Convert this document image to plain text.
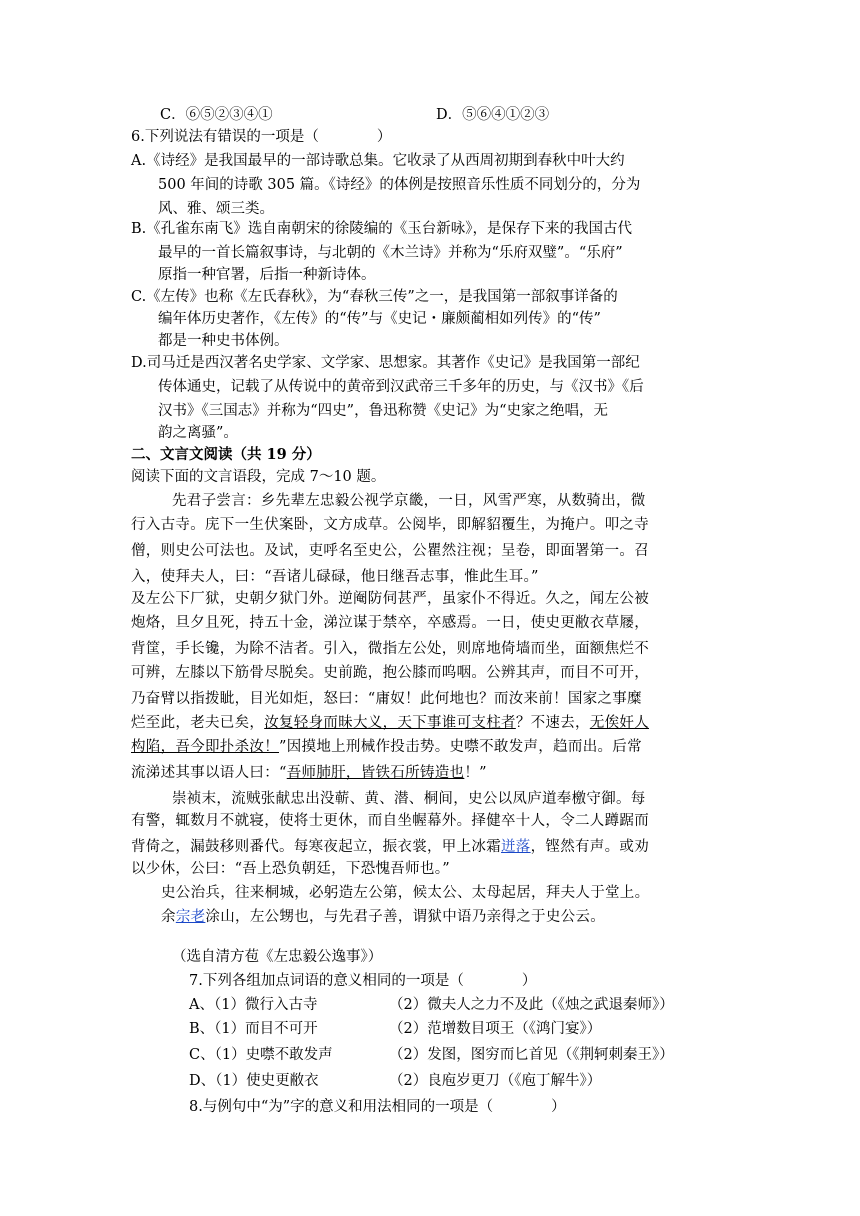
C．⑥⑤②③④①	D．⑤⑥④①②③
6.下列说法有错误的一项是（　　　　）
A.《诗经》是我国最早的一部诗歌总集。它收录了从西周初期到春秋中叶大约
500 年间的诗歌 305 篇。《诗经》的体例是按照音乐性质不同划分的，分为
风、雅、颂三类。
B.《孔雀东南飞》选自南朝宋的徐陵编的《玉台新咏》，是保存下来的我国古代
最早的一首长篇叙事诗，与北朝的《木兰诗》并称为“乐府双璧”。“乐府”
原指一种官署，后指一种新诗体。
C.《左传》也称《左氏春秋》，为“春秋三传”之一，是我国第一部叙事详备的
编年体历史著作，《左传》的“传”与《史记・廉颇蔺相如列传》的“传”
都是一种史书体例。
D.司马迁是西汉著名史学家、文学家、思想家。其著作《史记》是我国第一部纪
传体通史，记载了从传说中的黄帝到汉武帝三千多年的历史，与《汉书》《后
汉书》《三国志》并称为“四史”，鲁迅称赞《史记》为“史家之绝唱，无
韵之离骚”。
二、文言文阅读（共 19 分）
阅读下面的文言语段，完成 7～10 题。
先君子尝言：乡先辈左忠毅公视学京畿，一日，风雪严寒，从数骑出，微
行入古寺。庑下一生伏案卧，文方成草。公阅毕，即解貂覆生，为掩户。叩之寺
僧，则史公可法也。及试，吏呼名至史公，公瞿然注视；呈卷，即面署第一。召
入，使拜夫人，曰：“吾诸儿碌碌，他日继吾志事，惟此生耳。”
及左公下厂狱，史朝夕狱门外。逆阉防伺甚严，虽家仆不得近。久之，闻左公被
炮烙，旦夕且死，持五十金，涕泣谋于禁卒，卒感焉。一日，使史更敝衣草屦，
背筐，手长镵，为除不洁者。引入，微指左公处，则席地倚墙而坐，面额焦烂不
可辨，左膝以下筋骨尽脱矣。史前跪，抱公膝而呜咽。公辨其声，而目不可开，
乃奋臂以指拨眦，目光如炬，怒曰：“庸奴！此何地也？而汝来前！国家之事糜
烂至此，老夫已矣，汝复轻身而昧大义，天下事谁可支柱者？不速去，无俟奸人
构陷，吾今即扑杀汝！”因摸地上刑械作投击势。史噤不敢发声，趋而出。后常
流涕述其事以语人曰：“吾师肺肝，皆铁石所铸造也！”
崇祯末，流贼张献忠出没蕲、黄、潜、桐间，史公以凤庐道奉檄守御。每
有警，辄数月不就寝，使将士更休，而自坐幄幕外。择健卒十人，令二人蹲踞而
背倚之，漏鼓移则番代。每寒夜起立，振衣裳，甲上冰霜迸落，铿然有声。或劝
以少休，公曰：“吾上恐负朝廷，下恐愧吾师也。”
史公治兵，往来桐城，必躬造左公第，候太公、太母起居，拜夫人于堂上。
余宗老涂山，左公甥也，与先君子善，谓狱中语乃亲得之于史公云。
（选自清方苞《左忠毅公逸事》）
7.下列各组加点词语的意义相同的一项是（　　　　）
A、（1）微行入古寺	（2）微夫人之力不及此（《烛之武退秦师》）
B、（1）而目不可开	（2）范增数目项王（《鸿门宴》）
C、（1）史噤不敢发声	（2）发图，图穷而匕首见（《荆轲刺秦王》）
D、（1）使史更敝衣	（2）良庖岁更刀（《庖丁解牛》）
8.与例句中“为”字的意义和用法相同的一项是（　　　　）
